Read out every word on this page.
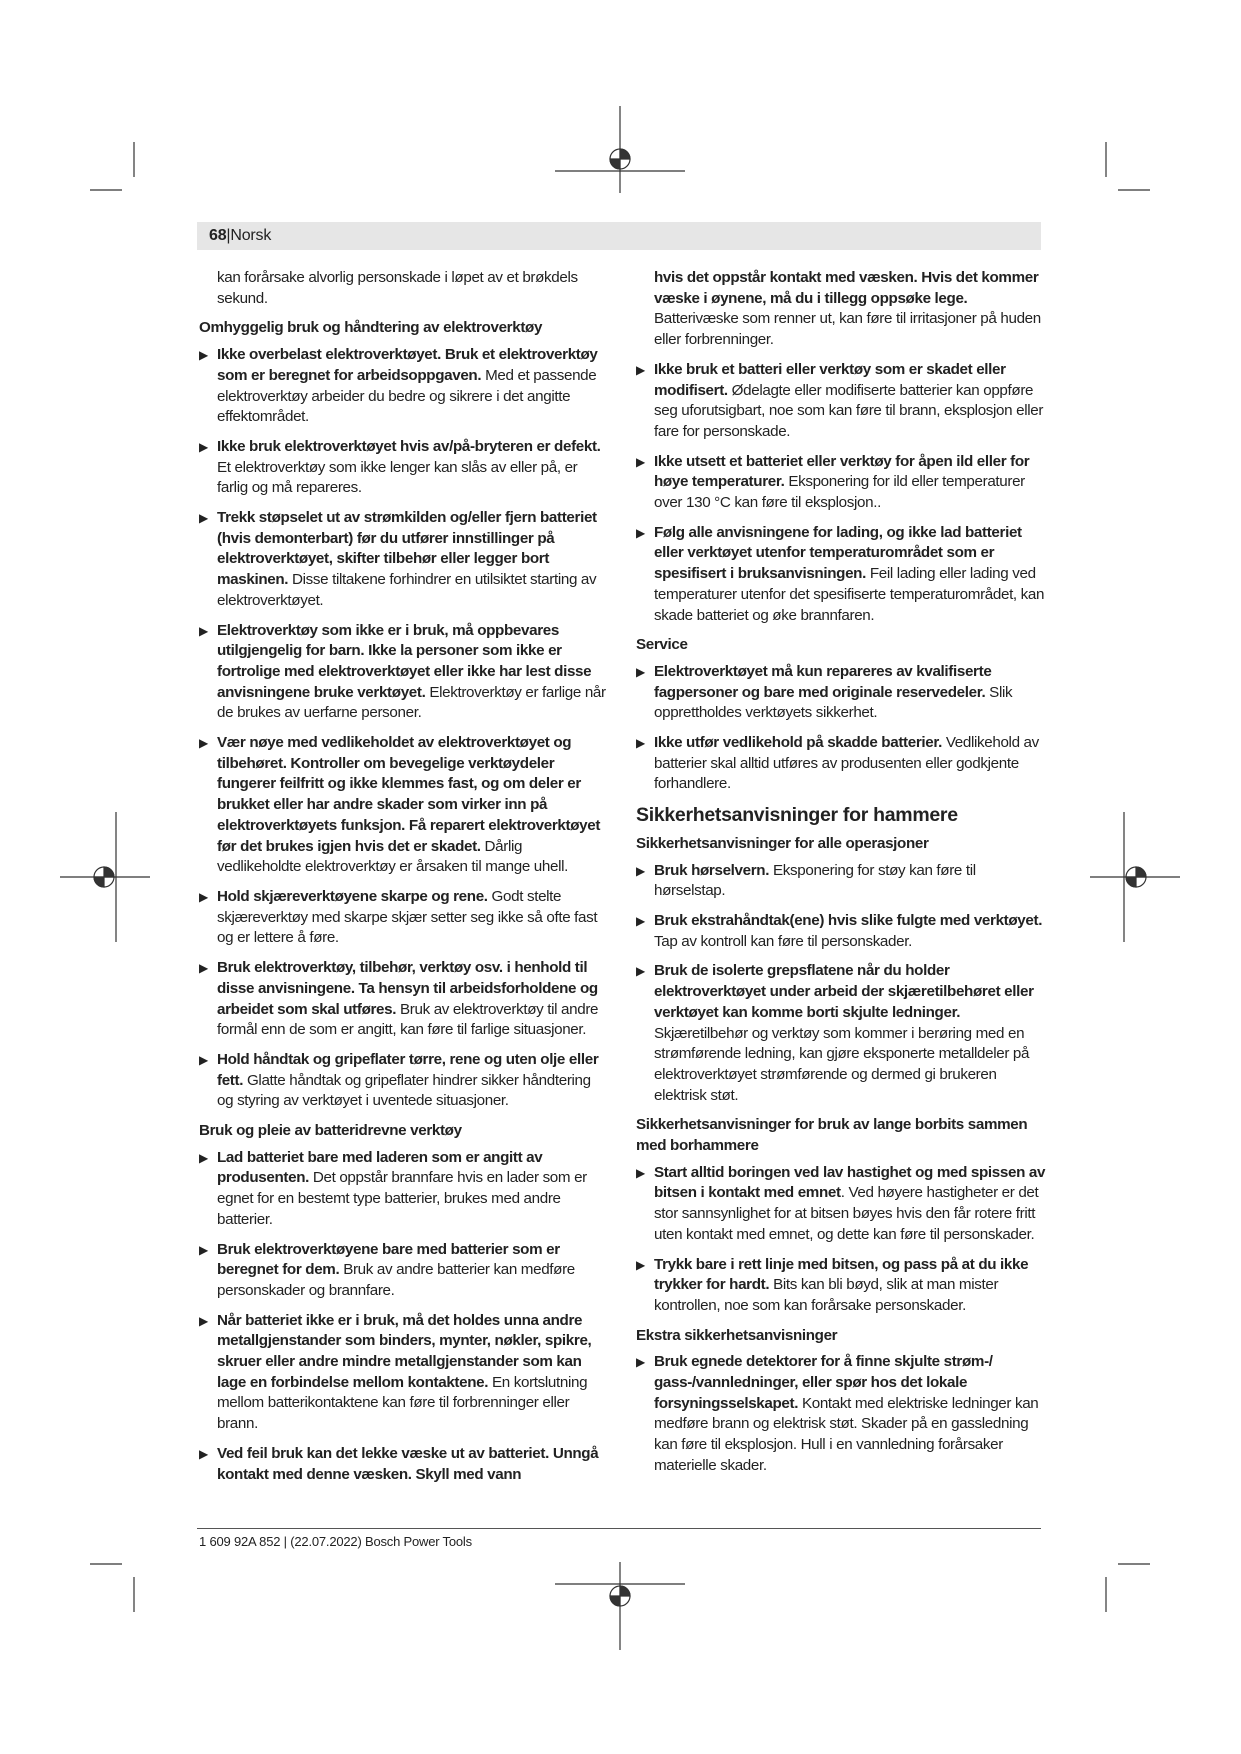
68|Norsk
kan forårsake alvorlig personskade i løpet av et brøkdels sekund.
Omhyggelig bruk og håndtering av elektroverktøy
▶ Ikke overbelast elektroverktøyet. Bruk et elektroverktøy som er beregnet for arbeidsoppgaven. Med et passende elektroverktøy arbeider du bedre og sikrere i det angitte effektområdet.
▶ Ikke bruk elektroverktøyet hvis av/på-bryteren er defekt. Et elektroverktøy som ikke lenger kan slås av eller på, er farlig og må repareres.
▶ Trekk støpselet ut av strømkilden og/eller fjern batteriet (hvis demonterbart) før du utfører innstillinger på elektroverktøyet, skifter tilbehør eller legger bort maskinen. Disse tiltakene forhindrer en utilsiktet starting av elektroverktøyet.
▶ Elektroverktøy som ikke er i bruk, må oppbevares utilgjengelig for barn. Ikke la personer som ikke er fortrolige med elektroverktøyet eller ikke har lest disse anvisningene bruke verktøyet. Elektroverktøy er farlige når de brukes av uerfarne personer.
▶ Vær nøye med vedlikeholdet av elektroverktøyet og tilbehøret. Kontroller om bevegelige verktøydeler fungerer feilfritt og ikke klemmes fast, og om deler er brukket eller har andre skader som virker inn på elektroverktøyets funksjon. Få reparert elektroverktøyet før det brukes igjen hvis det er skadet. Dårlig vedlikeholdte elektroverktøy er årsaken til mange uhell.
▶ Hold skjæreverktøyene skarpe og rene. Godt stelte skjæreverktøy med skarpe skjær setter seg ikke så ofte fast og er lettere å føre.
▶ Bruk elektroverktøy, tilbehør, verktøy osv. i henhold til disse anvisningene. Ta hensyn til arbeidsforholdene og arbeidet som skal utføres. Bruk av elektroverktøy til andre formål enn de som er angitt, kan føre til farlige situasjoner.
▶ Hold håndtak og gripeflater tørre, rene og uten olje eller fett. Glatte håndtak og gripeflater hindrer sikker håndtering og styring av verktøyet i uventede situasjoner.
Bruk og pleie av batteridrevne verktøy
▶ Lad batteriet bare med laderen som er angitt av produsenten. Det oppstår brannfare hvis en lader som er egnet for en bestemt type batterier, brukes med andre batterier.
▶ Bruk elektroverktøyene bare med batterier som er beregnet for dem. Bruk av andre batterier kan medføre personskader og brannfare.
▶ Når batteriet ikke er i bruk, må det holdes unna andre metallgjenstander som binders, mynter, nøkler, spikre, skruer eller andre mindre metallgjenstander som kan lage en forbindelse mellom kontaktene. En kortslutning mellom batterikontaktene kan føre til forbrenninger eller brann.
▶ Ved feil bruk kan det lekke væske ut av batteriet. Unngå kontakt med denne væsken. Skyll med vann
hvis det oppstår kontakt med væsken. Hvis det kommer væske i øynene, må du i tillegg oppsøke lege. Batterivæske som renner ut, kan føre til irritasjoner på huden eller forbrenninger.
▶ Ikke bruk et batteri eller verktøy som er skadet eller modifisert. Ødelagte eller modifiserte batterier kan oppføre seg uforutsigbart, noe som kan føre til brann, eksplosjon eller fare for personskade.
▶ Ikke utsett et batteriet eller verktøy for åpen ild eller for høye temperaturer. Eksponering for ild eller temperaturer over 130 °C kan føre til eksplosjon..
▶ Følg alle anvisningene for lading, og ikke lad batteriet eller verktøyet utenfor temperaturområdet som er spesifisert i bruksanvisningen. Feil lading eller lading ved temperaturer utenfor det spesifiserte temperaturområdet, kan skade batteriet og øke brannfaren.
Service
▶ Elektroverktøyet må kun repareres av kvalifiserte fagpersoner og bare med originale reservedeler. Slik opprettholdes verktøyets sikkerhet.
▶ Ikke utfør vedlikehold på skadde batterier. Vedlikehold av batterier skal alltid utføres av produsenten eller godkjente forhandlere.
Sikkerhetsanvisninger for hammere
Sikkerhetsanvisninger for alle operasjoner
▶ Bruk hørselvern. Eksponering for støy kan føre til hørselstap.
▶ Bruk ekstrahåndtak(ene) hvis slike fulgte med verktøyet. Tap av kontroll kan føre til personskader.
▶ Bruk de isolerte grepsflatene når du holder elektroverktøyet under arbeid der skjæretilbehøret eller verktøyet kan komme borti skjulte ledninger. Skjæretilbehør og verktøy som kommer i berøring med en strømførende ledning, kan gjøre eksponerte metalldeler på elektroverktøyet strømførende og dermed gi brukeren elektrisk støt.
Sikkerhetsanvisninger for bruk av lange borbits sammen med borhammere
▶ Start alltid boringen ved lav hastighet og med spissen av bitsen i kontakt med emnet. Ved høyere hastigheter er det stor sannsynlighet for at bitsen bøyes hvis den får rotere fritt uten kontakt med emnet, og dette kan føre til personskader.
▶ Trykk bare i rett linje med bitsen, og pass på at du ikke trykker for hardt. Bits kan bli bøyd, slik at man mister kontrollen, noe som kan forårsake personskader.
Ekstra sikkerhetsanvisninger
▶ Bruk egnede detektorer for å finne skjulte strøm-/ gass-/vannledninger, eller spør hos det lokale forsyningsselskapet. Kontakt med elektriske ledninger kan medføre brann og elektrisk støt. Skader på en gassledning kan føre til eksplosjon. Hull i en vannledning forårsaker materielle skader.
1 609 92A 852 | (22.07.2022) Bosch Power Tools
